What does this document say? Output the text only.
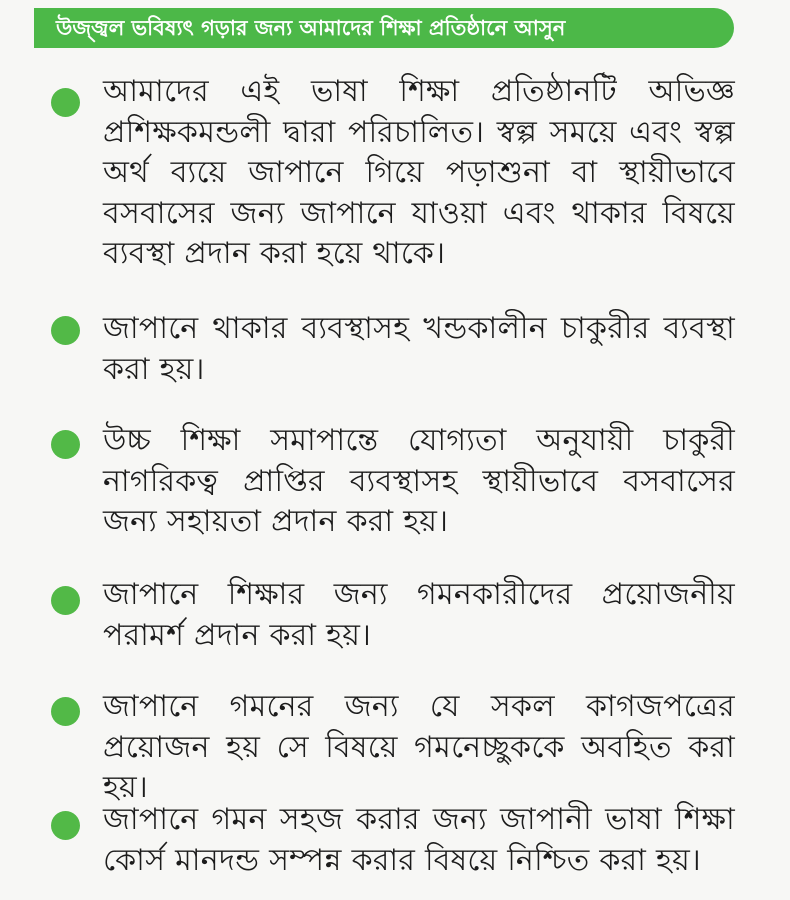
উজ্জ্বল ভবিষ্যৎ গড়ার জন্য আমাদের শিক্ষা প্রতিষ্ঠানে আসুন
আমাদের এই ভাষা শিক্ষা প্রতিষ্ঠানটি অভিজ্ঞ প্রশিক্ষকমন্ডলী দ্বারা পরিচালিত। স্বল্প সময়ে এবং স্বল্প অর্থ ব্যয়ে জাপানে গিয়ে পড়াশুনা বা স্থায়ীভাবে বসবাসের জন্য জাপানে যাওয়া এবং থাকার বিষয়ে ব্যবস্থা প্রদান করা হয়ে থাকে।
জাপানে থাকার ব্যবস্থাসহ খন্ডকালীন চাকুরীর ব্যবস্থা করা হয়।
উচ্চ শিক্ষা সমাপান্তে যোগ্যতা অনুযায়ী চাকুরী নাগরিকত্ব প্রাপ্তির ব্যবস্থাসহ স্থায়ীভাবে বসবাসের জন্য সহায়তা প্রদান করা হয়।
জাপানে শিক্ষার জন্য গমনকারীদের প্রয়োজনীয় পরামর্শ প্রদান করা হয়।
জাপানে গমনের জন্য যে সকল কাগজপত্রের প্রয়োজন হয় সে বিষয়ে গমনেচ্ছুককে অবহিত করা হয়।
জাপানে গমন সহজ করার জন্য জাপানী ভাষা শিক্ষা কোর্স মানদন্ড সম্পন্ন করার বিষয়ে নিশ্চিত করা হয়।
